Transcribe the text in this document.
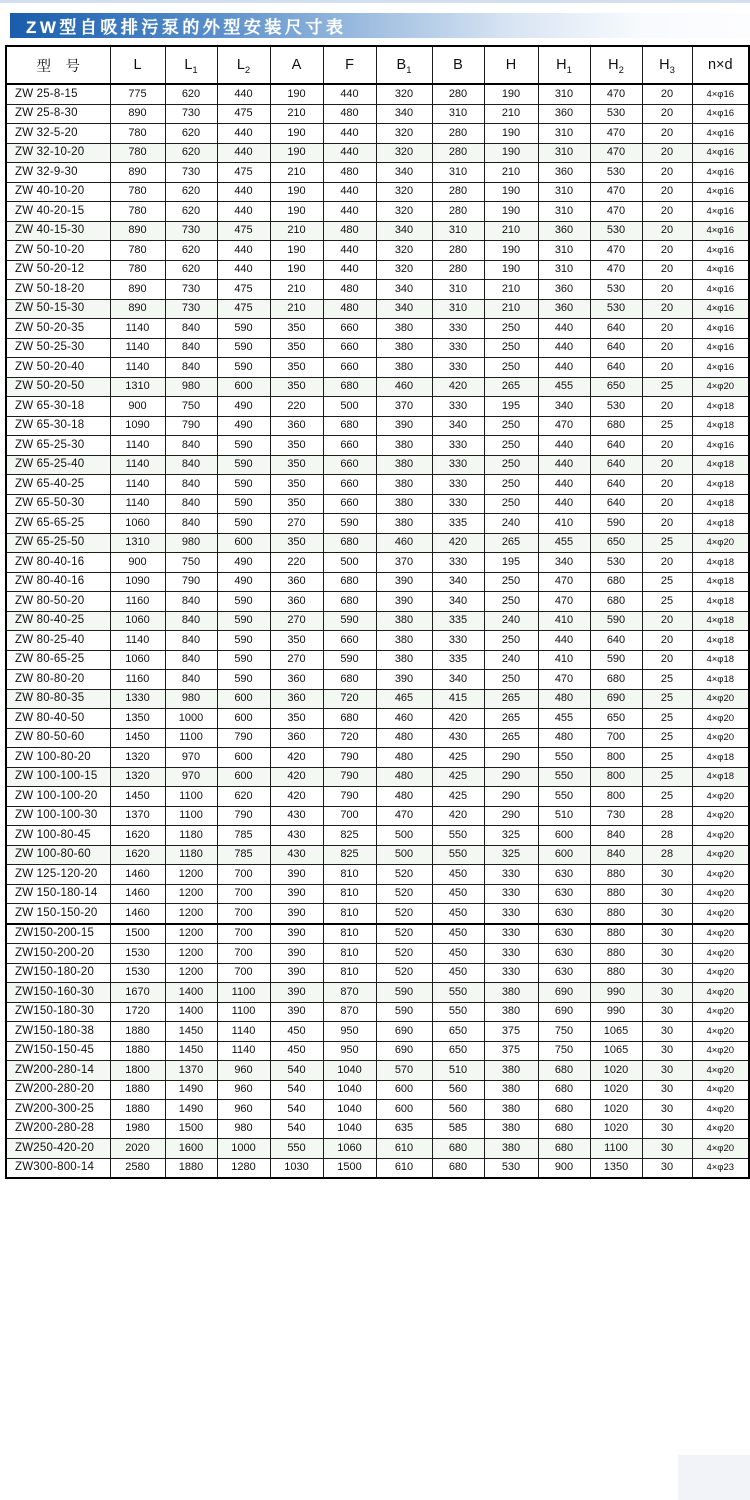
ZW型自吸排污泵的外型安装尺寸表
型　号	L	$L_1$	$L_2$	A	F	$B_1$	B	H	$H_1$	$H_2$	$H_3$	n×d
ZW 25-8-15	775	620	440	190	440	320	280	190	310	470	20	4×φ16
ZW 25-8-30	890	730	475	210	480	340	310	210	360	530	20	4×φ16
ZW 32-5-20	780	620	440	190	440	320	280	190	310	470	20	4×φ16
ZW 32-10-20	780	620	440	190	440	320	280	190	310	470	20	4×φ16
ZW 32-9-30	890	730	475	210	480	340	310	210	360	530	20	4×φ16
ZW 40-10-20	780	620	440	190	440	320	280	190	310	470	20	4×φ16
ZW 40-20-15	780	620	440	190	440	320	280	190	310	470	20	4×φ16
ZW 40-15-30	890	730	475	210	480	340	310	210	360	530	20	4×φ16
ZW 50-10-20	780	620	440	190	440	320	280	190	310	470	20	4×φ16
ZW 50-20-12	780	620	440	190	440	320	280	190	310	470	20	4×φ16
ZW 50-18-20	890	730	475	210	480	340	310	210	360	530	20	4×φ16
ZW 50-15-30	890	730	475	210	480	340	310	210	360	530	20	4×φ16
ZW 50-20-35	1140	840	590	350	660	380	330	250	440	640	20	4×φ16
ZW 50-25-30	1140	840	590	350	660	380	330	250	440	640	20	4×φ16
ZW 50-20-40	1140	840	590	350	660	380	330	250	440	640	20	4×φ16
ZW 50-20-50	1310	980	600	350	680	460	420	265	455	650	25	4×φ20
ZW 65-30-18	900	750	490	220	500	370	330	195	340	530	20	4×φ18
ZW 65-30-18	1090	790	490	360	680	390	340	250	470	680	25	4×φ18
ZW 65-25-30	1140	840	590	350	660	380	330	250	440	640	20	4×φ16
ZW 65-25-40	1140	840	590	350	660	380	330	250	440	640	20	4×φ18
ZW 65-40-25	1140	840	590	350	660	380	330	250	440	640	20	4×φ18
ZW 65-50-30	1140	840	590	350	660	380	330	250	440	640	20	4×φ18
ZW 65-65-25	1060	840	590	270	590	380	335	240	410	590	20	4×φ18
ZW 65-25-50	1310	980	600	350	680	460	420	265	455	650	25	4×φ20
ZW 80-40-16	900	750	490	220	500	370	330	195	340	530	20	4×φ18
ZW 80-40-16	1090	790	490	360	680	390	340	250	470	680	25	4×φ18
ZW 80-50-20	1160	840	590	360	680	390	340	250	470	680	25	4×φ18
ZW 80-40-25	1060	840	590	270	590	380	335	240	410	590	20	4×φ18
ZW 80-25-40	1140	840	590	350	660	380	330	250	440	640	20	4×φ18
ZW 80-65-25	1060	840	590	270	590	380	335	240	410	590	20	4×φ18
ZW 80-80-20	1160	840	590	360	680	390	340	250	470	680	25	4×φ18
ZW 80-80-35	1330	980	600	360	720	465	415	265	480	690	25	4×φ20
ZW 80-40-50	1350	1000	600	350	680	460	420	265	455	650	25	4×φ20
ZW 80-50-60	1450	1100	790	360	720	480	430	265	480	700	25	4×φ20
ZW 100-80-20	1320	970	600	420	790	480	425	290	550	800	25	4×φ18
ZW 100-100-15	1320	970	600	420	790	480	425	290	550	800	25	4×φ18
ZW 100-100-20	1450	1100	620	420	790	480	425	290	550	800	25	4×φ20
ZW 100-100-30	1370	1100	790	430	700	470	420	290	510	730	28	4×φ20
ZW 100-80-45	1620	1180	785	430	825	500	550	325	600	840	28	4×φ20
ZW 100-80-60	1620	1180	785	430	825	500	550	325	600	840	28	4×φ20
ZW 125-120-20	1460	1200	700	390	810	520	450	330	630	880	30	4×φ20
ZW 150-180-14	1460	1200	700	390	810	520	450	330	630	880	30	4×φ20
ZW 150-150-20	1460	1200	700	390	810	520	450	330	630	880	30	4×φ20
ZW150-200-15	1500	1200	700	390	810	520	450	330	630	880	30	4×φ20
ZW150-200-20	1530	1200	700	390	810	520	450	330	630	880	30	4×φ20
ZW150-180-20	1530	1200	700	390	810	520	450	330	630	880	30	4×φ20
ZW150-160-30	1670	1400	1100	390	870	590	550	380	690	990	30	4×φ20
ZW150-180-30	1720	1400	1100	390	870	590	550	380	690	990	30	4×φ20
ZW150-180-38	1880	1450	1140	450	950	690	650	375	750	1065	30	4×φ20
ZW150-150-45	1880	1450	1140	450	950	690	650	375	750	1065	30	4×φ20
ZW200-280-14	1800	1370	960	540	1040	570	510	380	680	1020	30	4×φ20
ZW200-280-20	1880	1490	960	540	1040	600	560	380	680	1020	30	4×φ20
ZW200-300-25	1880	1490	960	540	1040	600	560	380	680	1020	30	4×φ20
ZW200-280-28	1980	1500	980	540	1040	635	585	380	680	1020	30	4×φ20
ZW250-420-20	2020	1600	1000	550	1060	610	680	380	680	1100	30	4×φ20
ZW300-800-14	2580	1880	1280	1030	1500	610	680	530	900	1350	30	4×φ23
